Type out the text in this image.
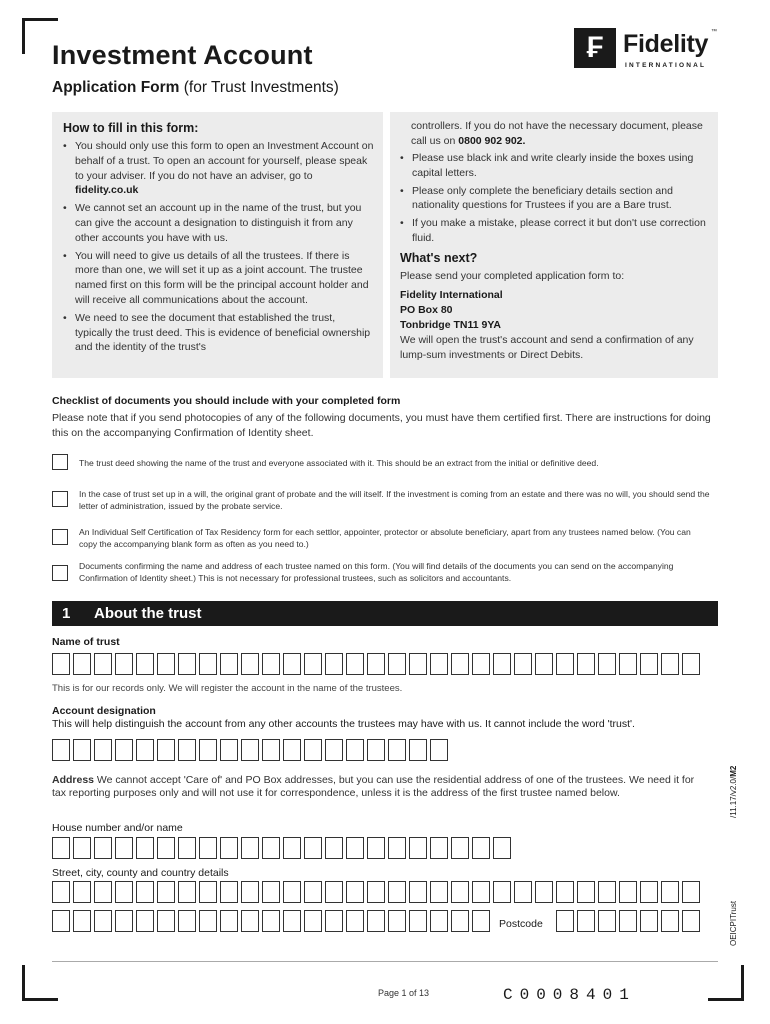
Investment Account
Application Form (for Trust Investments)
₣ Fidelity ™
INTERNATIONAL
How to fill in this form:
• You should only use this form to open an Investment Account on behalf of a trust. To open an account for yourself, please speak to your adviser. If you do not have an adviser, go to fidelity.co.uk
• We cannot set an account up in the name of the trust, but you can give the account a designation to distinguish it from any other accounts you have with us.
• You will need to give us details of all the trustees. If there is more than one, we will set it up as a joint account. The trustee named first on this form will be the principal account holder and will receive all communications about the account.
• We need to see the document that established the trust, typically the trust deed. This is evidence of beneficial ownership and the identity of the trust's
controllers. If you do not have the necessary document, please call us on 0800 902 902.
• Please use black ink and write clearly inside the boxes using capital letters.
• Please only complete the beneficiary details section and nationality questions for Trustees if you are a Bare trust.
• If you make a mistake, please correct it but don't use correction fluid.
What's next?
Please send your completed application form to:
Fidelity International
PO Box 80
Tonbridge TN11 9YA
We will open the trust's account and send a confirmation of any lump-sum investments or Direct Debits.
Checklist of documents you should include with your completed form
Please note that if you send photocopies of any of the following documents, you must have them certified first. There are instructions for doing this on the accompanying Confirmation of Identity sheet.
The trust deed showing the name of the trust and everyone associated with it. This should be an extract from the initial or definitive deed.
In the case of trust set up in a will, the original grant of probate and the will itself. If the investment is coming from an estate and there was no will, you should send the letter of administration, issued by the probate service.
An Individual Self Certification of Tax Residency form for each settlor, appointer, protector or absolute beneficiary, apart from any trustees named below. (You can copy the accompanying blank form as often as you need to.)
Documents confirming the name and address of each trustee named on this form. (You will find details of the documents you can send on the accompanying Confirmation of Identity sheet.) This is not necessary for professional trustees, such as solicitors and accountants.
1 About the trust
Name of trust
This is for our records only. We will register the account in the name of the trustees.
Account designation
This will help distinguish the account from any other accounts the trustees may have with us. It cannot include the word 'trust'.
Address We cannot accept 'Care of' and PO Box addresses, but you can use the residential address of one of the trustees. We need it for tax reporting purposes only and will not use it for correspondence, unless it is the address of the first trustee named below.
House number and/or name
Street, city, county and country details
Postcode
/11.17/v2.0/M2
OEICPITrust
Page 1 of 13	C0008401
